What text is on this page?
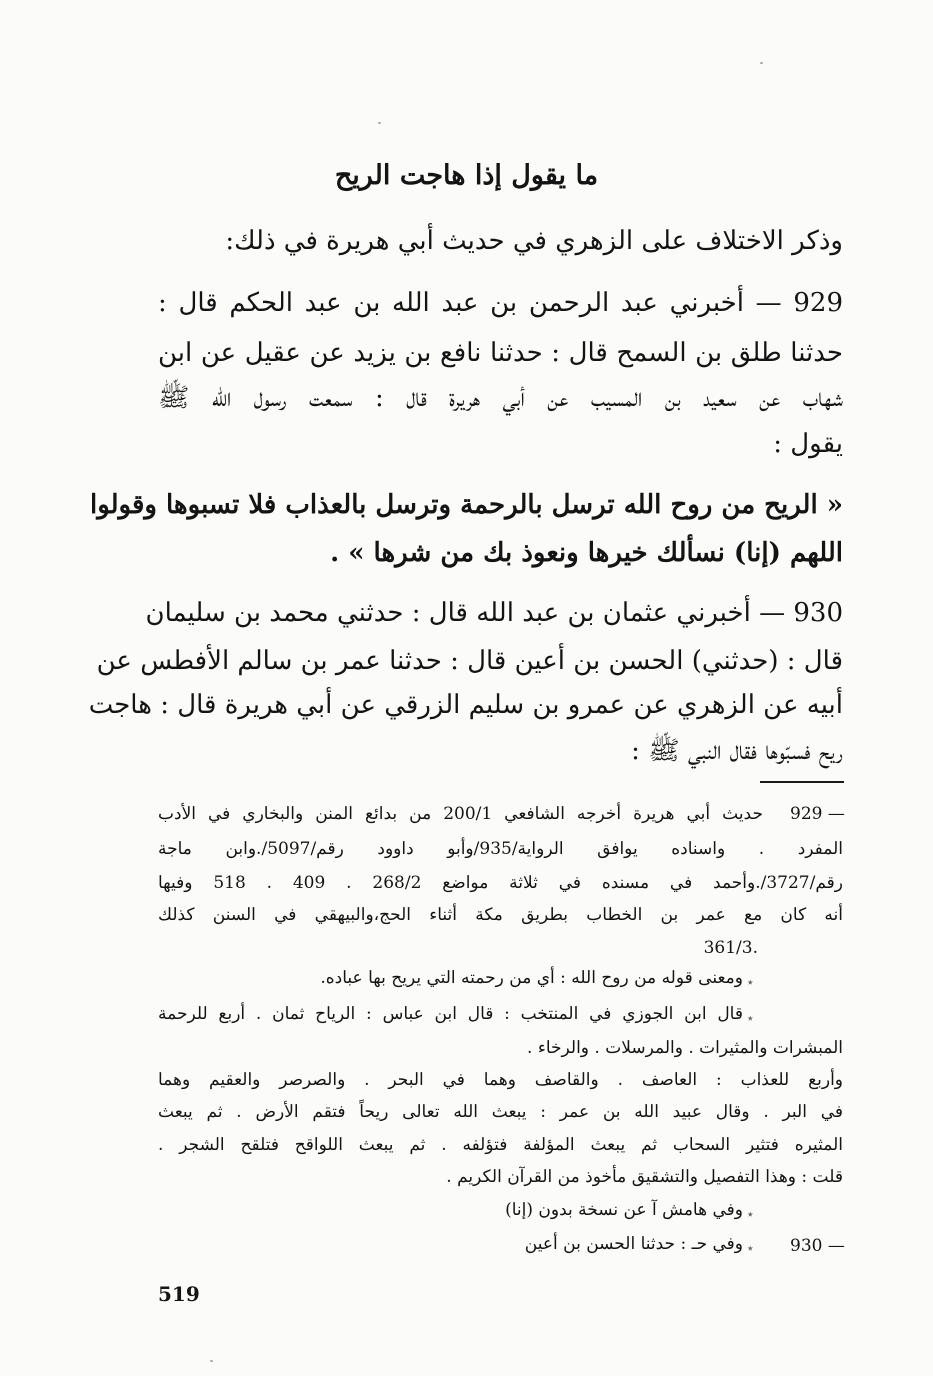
ما يقول إذا هاجت الريح
وذكر الاختلاف على الزهري في حديث أبي هريرة في ذلك:
929 — أخبرني عبد الرحمن بن عبد الله بن عبد الحكم قال :
حدثنا طلق بن السمح قال : حدثنا نافع بن يزيد عن عقيل عن ابن
شهاب عن سعيد بن المسيب عن أبي هريرة قال : سمعت رسول الله ﷺ
يقول :
« الريح من روح الله ترسل بالرحمة وترسل بالعذاب فلا تسبوها وقولوا
اللهم (إنا) نسألك خيرها ونعوذ بك من شرها » .
930 — أخبرني عثمان بن عبد الله قال : حدثني محمد بن سليمان
قال : (حدثني) الحسن بن أعين قال : حدثنا عمر بن سالم الأفطس عن
أبيه عن الزهري عن عمرو بن سليم الزرقي عن أبي هريرة قال : هاجت
ريح فسبّوها فقال النبي ﷺ :
929 —
حديث أبي هريرة أخرجه الشافعي 200/1 من بدائع المنن والبخاري في الأدب
المفرد . واسناده يوافق الرواية/935/وأبو داوود رقم/5097/.وابن ماجة
رقم/3727/.وأحمد في مسنده في ثلاثة مواضع 268/2 . 409 . 518 وفيها
أنه كان مع عمر بن الخطاب بطريق مكة أثناء الحج،والبيهقي في السنن كذلك
.361/3
٭
ومعنى قوله من روح الله : أي من رحمته التي يريح بها عباده.
٭
قال ابن الجوزي في المنتخب : قال ابن عباس : الرياح ثمان . أربع للرحمة
المبشرات والمثيرات . والمرسلات . والرخاء .
وأربع للعذاب : العاصف . والقاصف وهما في البحر . والصرصر والعقيم وهما
في البر . وقال عبيد الله بن عمر : يبعث الله تعالى ريحاً فتقم الأرض . ثم يبعث
المثيره فتثير السحاب ثم يبعث المؤلفة فتؤلفه . ثم يبعث اللواقح فتلقح الشجر .
قلت : وهذا التفصيل والتشقيق مأخوذ من القرآن الكريم .
٭
وفي هامش آ عن نسخة بدون (إنا)
930 —
٭
وفي حـ : حدثنا الحسن بن أعين
519
